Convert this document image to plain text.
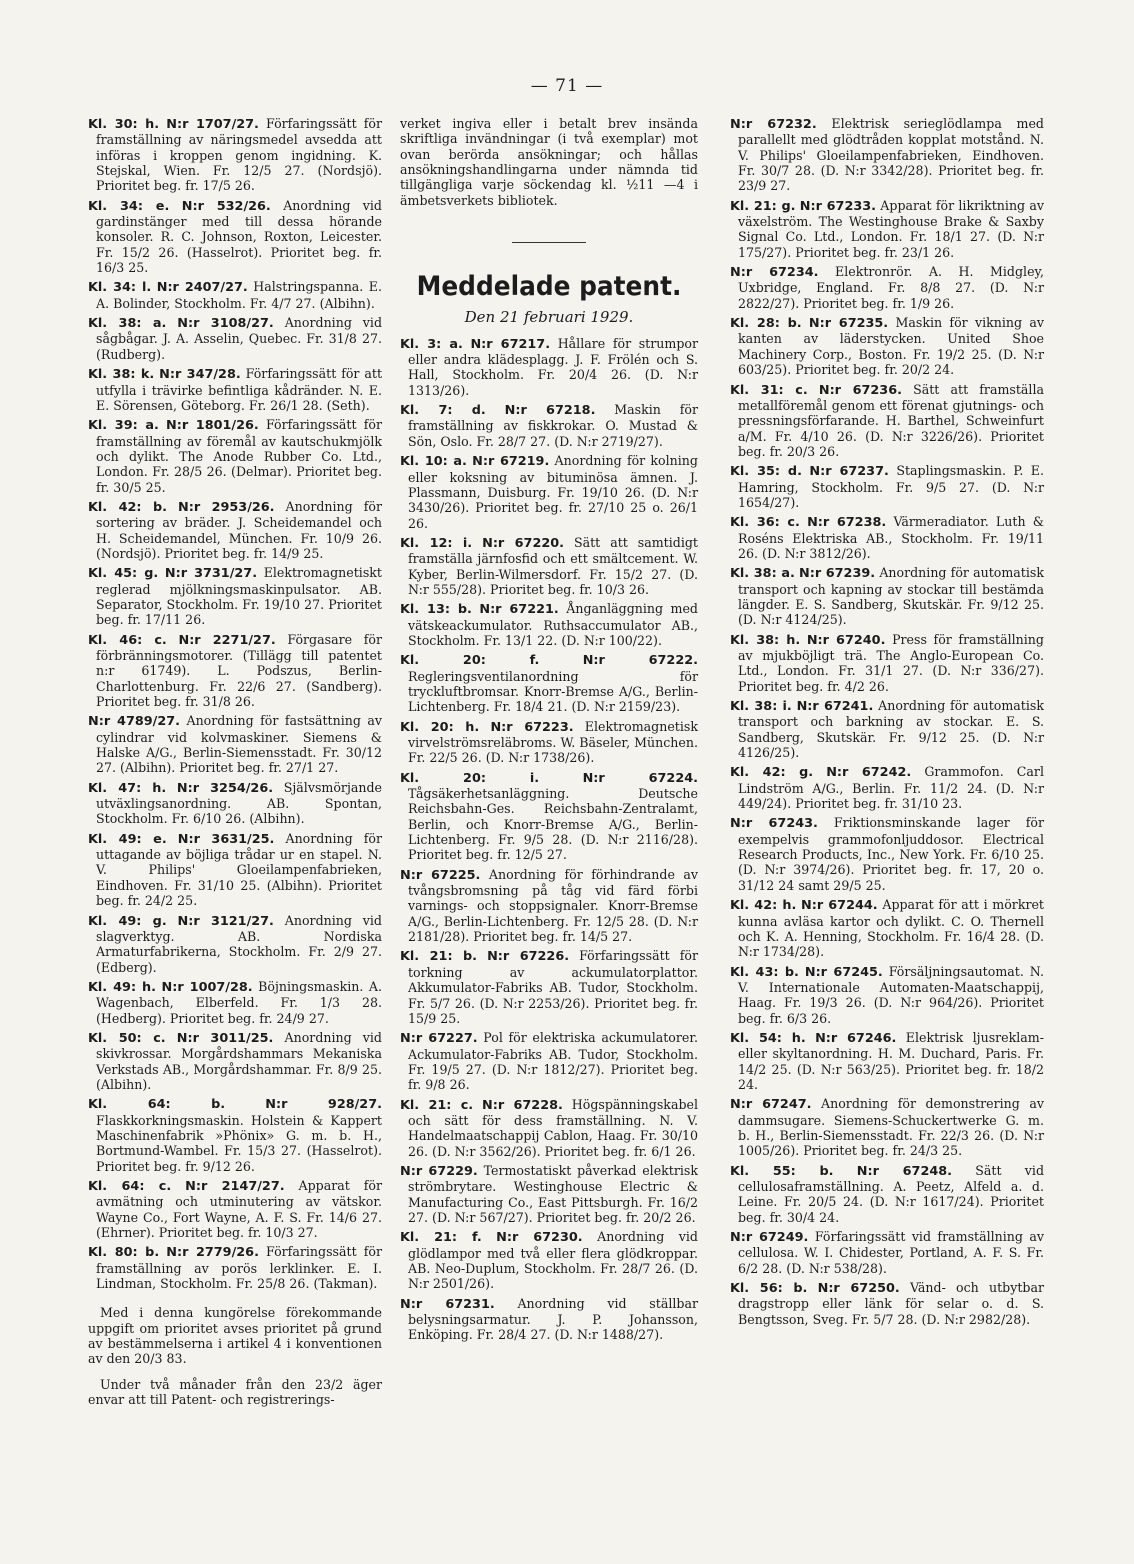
— 71 —

Kl. 30: h. N:r 1707/27. Förfaringssätt för framställning av näringsmedel avsedda att införas i kroppen genom ingidning. K. Stejskal, Wien. Fr. 12/5 27. (Nordsjö). Prioritet beg. fr. 17/5 26.

Kl. 34: e. N:r 532/26. Anordning vid gardinstänger med till dessa hörande konsoler. R. C. Johnson, Roxton, Leicester. Fr. 15/2 26. (Hasselrot). Prioritet beg. fr. 16/3 25.

Kl. 34: l. N:r 2407/27. Halstringspanna. E. A. Bolinder, Stockholm. Fr. 4/7 27. (Albihn).

Kl. 38: a. N:r 3108/27. Anordning vid sågbågar. J. A. Asselin, Quebec. Fr. 31/8 27. (Rudberg).

Kl. 38: k. N:r 347/28. Förfaringssätt för att utfylla i trävirke befintliga kådränder. N. E. E. Sörensen, Göteborg. Fr. 26/1 28. (Seth).

Kl. 39: a. N:r 1801/26. Förfaringssätt för framställning av föremål av kautschukmjölk och dylikt. The Anode Rubber Co. Ltd., London. Fr. 28/5 26. (Delmar). Prioritet beg. fr. 30/5 25.

Kl. 42: b. N:r 2953/26. Anordning för sortering av bräder. J. Scheidemandel och H. Scheidemandel, München. Fr. 10/9 26. (Nordsjö). Prioritet beg. fr. 14/9 25.

Kl. 45: g. N:r 3731/27. Elektromagnetiskt reglerad mjölkningsmaskinpulsator. AB. Separator, Stockholm. Fr. 19/10 27. Prioritet beg. fr. 17/11 26.

Kl. 46: c. N:r 2271/27. Förgasare för förbränningsmotorer. (Tillägg till patentet n:r 61749). L. Podszus, Berlin-Charlottenburg. Fr. 22/6 27. (Sandberg). Prioritet beg. fr. 31/8 26.

N:r 4789/27. Anordning för fastsättning av cylindrar vid kolvmaskiner. Siemens & Halske A/G., Berlin-Siemensstadt. Fr. 30/12 27. (Albihn). Prioritet beg. fr. 27/1 27.

Kl. 47: h. N:r 3254/26. Självsmörjande utväxlingsanordning. AB. Spontan, Stockholm. Fr. 6/10 26. (Albihn).

Kl. 49: e. N:r 3631/25. Anordning för uttagande av böjliga trådar ur en stapel. N. V. Philips' Gloeilampenfabrieken, Eindhoven. Fr. 31/10 25. (Albihn). Prioritet beg. fr. 24/2 25.

Kl. 49: g. N:r 3121/27. Anordning vid slagverktyg. AB. Nordiska Armaturfabrikerna, Stockholm. Fr. 2/9 27. (Edberg).

Kl. 49: h. N:r 1007/28. Böjningsmaskin. A. Wagenbach, Elberfeld. Fr. 1/3 28. (Hedberg). Prioritet beg. fr. 24/9 27.

Kl. 50: c. N:r 3011/25. Anordning vid skivkrossar. Morgårdshammars Mekaniska Verkstads AB., Morgårdshammar. Fr. 8/9 25. (Albihn).

Kl. 64: b.	N:r 928/27. Flaskkorkningsmaskin. Holstein & Kappert Maschinenfabrik »Phönix» G. m. b. H., Bortmund-Wambel. Fr. 15/3 27. (Hasselrot). Prioritet beg. fr. 9/12 26.

Kl. 64: c. N:r 2147/27. Apparat för avmätning och utminutering av vätskor. Wayne Co., Fort Wayne, A. F. S. Fr. 14/6 27. (Ehrner). Prioritet beg. fr. 10/3 27.

Kl. 80: b. N:r 2779/26. Förfaringssätt för framställning av porös lerklinker. E. I. Lindman, Stockholm. Fr. 25/8 26. (Takman).

Med i denna kungörelse förekommande uppgift om prioritet avses prioritet på grund av bestämmelserna i artikel 4 i konventionen av den 20/3 83.

Under två månader från den 23/2 äger envar att till Patent- och registrerings-

verket ingiva eller i betalt brev insända skriftliga invändningar (i två exemplar) mot ovan berörda ansökningar; och hållas ansökningshandlingarna under nämnda tid tillgängliga varje söckendag kl. ½11 —4 i ämbetsverkets bibliotek.

Meddelade patent.
Den 21 februari 1929.

Kl. 3: a. N:r 67217. Hållare för strumpor eller andra klädesplagg. J. F. Frölén och S. Hall, Stockholm. Fr. 20/4 26. (D. N:r 1313/26).

Kl. 7: d. N:r 67218. Maskin för framställning av fiskkrokar. O. Mustad & Sön, Oslo. Fr. 28/7 27. (D. N:r 2719/27).

Kl. 10: a. N:r 67219. Anordning för kolning eller koksning av bituminösa ämnen. J. Plassmann, Duisburg. Fr. 19/10 26. (D. N:r 3430/26). Prioritet beg. fr. 27/10 25 o. 26/1 26.

Kl. 12: i. N:r 67220. Sätt att samtidigt framställa järnfosfid och ett smältcement. W. Kyber, Berlin-Wilmersdorf. Fr. 15/2 27. (D. N:r 555/28). Prioritet beg. fr. 10/3 26.

Kl. 13: b. N:r 67221. Ånganläggning med vätskeackumulator. Ruthsaccumulator AB., Stockholm. Fr. 13/1 22. (D. N:r 100/22).

Kl. 20: f.	N:r 67222. Regleringsventilanordning för tryckluftbromsar. Knorr-Bremse A/G., Berlin-Lichtenberg. Fr. 18/4 21. (D. N:r 2159/23).

Kl. 20: h. N:r 67223. Elektromagnetisk virvelströmsreläbroms. W. Bäseler, München. Fr. 22/5 26. (D. N:r 1738/26).

Kl. 20: i.	N:r 67224. Tågsäkerhetsanläggning. Deutsche Reichsbahn-Ges. Reichsbahn-Zentralamt, Berlin, och Knorr-Bremse A/G., Berlin-Lichtenberg. Fr. 9/5 28. (D. N:r 2116/28). Prioritet beg. fr. 12/5 27.

N:r 67225. Anordning för förhindrande av tvångsbromsning på tåg vid färd förbi varnings- och stoppsignaler. Knorr-Bremse A/G., Berlin-Lichtenberg. Fr. 12/5 28. (D. N:r 2181/28). Prioritet beg. fr. 14/5 27.

Kl. 21: b. N:r 67226. Förfaringssätt för torkning av ackumulatorplattor. Akkumulator-Fabriks AB. Tudor, Stockholm. Fr. 5/7 26. (D. N:r 2253/26). Prioritet beg. fr. 15/9 25.

N:r 67227. Pol för elektriska ackumulatorer. Ackumulator-Fabriks AB. Tudor, Stockholm. Fr. 19/5 27. (D. N:r 1812/27). Prioritet beg. fr. 9/8 26.

Kl. 21: c. N:r 67228. Högspänningskabel och sätt för dess framställning. N. V. Handelmaatschappij Cablon, Haag. Fr. 30/10 26. (D. N:r 3562/26). Prioritet beg. fr. 6/1 26.

N:r 67229. Termostatiskt påverkad elektrisk strömbrytare. Westinghouse Electric & Manufacturing Co., East Pittsburgh. Fr. 16/2 27. (D. N:r 567/27). Prioritet beg. fr. 20/2 26.

Kl. 21: f. N:r 67230. Anordning vid glödlampor med två eller flera glödkroppar. AB. Neo-Duplum, Stockholm. Fr. 28/7 26. (D. N:r 2501/26).

N:r 67231. Anordning vid ställbar belysningsarmatur. J. P. Johansson, Enköping. Fr. 28/4 27. (D. N:r 1488/27).

N:r 67232. Elektrisk serieglödlampa med parallellt med glödtråden kopplat motstånd. N. V. Philips' Gloeilampenfabrieken, Eindhoven. Fr. 30/7 28. (D. N:r 3342/28). Prioritet beg. fr. 23/9 27.

Kl. 21: g. N:r 67233. Apparat för likriktning av växelström. The Westinghouse Brake & Saxby Signal Co. Ltd., London. Fr. 18/1 27. (D. N:r 175/27). Prioritet beg. fr. 23/1 26.

N:r 67234. Elektronrör. A. H. Midgley, Uxbridge, England. Fr. 8/8 27. (D. N:r 2822/27). Prioritet beg. fr. 1/9 26.

Kl. 28: b. N:r 67235. Maskin för vikning av kanten av läderstycken. United Shoe Machinery Corp., Boston. Fr. 19/2 25. (D. N:r 603/25). Prioritet beg. fr. 20/2 24.

Kl. 31: c. N:r 67236. Sätt att framställa metallföremål genom ett förenat gjutnings- och pressningsförfarande. H. Barthel, Schweinfurt a/M. Fr. 4/10 26. (D. N:r 3226/26). Prioritet beg. fr. 20/3 26.

Kl. 35: d. N:r 67237. Staplingsmaskin. P. E. Hamring, Stockholm. Fr. 9/5 27. (D. N:r 1654/27).

Kl. 36: c. N:r 67238. Värmeradiator. Luth & Roséns Elektriska AB., Stockholm. Fr. 19/11 26. (D. N:r 3812/26).

Kl. 38: a. N:r 67239. Anordning för automatisk transport och kapning av stockar till bestämda längder. E. S. Sandberg, Skutskär. Fr. 9/12 25. (D. N:r 4124/25).

Kl. 38: h. N:r 67240. Press för framställning av mjukböjligt trä. The Anglo-European Co. Ltd., London. Fr. 31/1 27. (D. N:r 336/27). Prioritet beg. fr. 4/2 26.

Kl. 38: i. N:r 67241. Anordning för automatisk transport och barkning av stockar. E. S. Sandberg, Skutskär. Fr. 9/12 25. (D. N:r 4126/25).

Kl. 42: g. N:r 67242. Grammofon. Carl Lindström A/G., Berlin. Fr. 11/2 24. (D. N:r 449/24). Prioritet beg. fr. 31/10 23.

N:r 67243. Friktionsminskande lager för exempelvis grammofonljuddosor. Electrical Research Products, Inc., New York. Fr. 6/10 25. (D. N:r 3974/26). Prioritet beg. fr. 17, 20 o. 31/12 24 samt 29/5 25.

Kl. 42: h. N:r 67244. Apparat för att i mörkret kunna avläsa kartor och dylikt. C. O. Thernell och K. A. Henning, Stockholm. Fr. 16/4 28. (D. N:r 1734/28).

Kl. 43: b. N:r 67245. Försäljningsautomat. N. V. Internationale Automaten-Maatschappij, Haag. Fr. 19/3 26. (D. N:r 964/26). Prioritet beg. fr. 6/3 26.

Kl. 54: h. N:r 67246. Elektrisk ljusreklam- eller skyltanordning. H. M. Duchard, Paris. Fr. 14/2 25. (D. N:r 563/25). Prioritet beg. fr. 18/2 24.

N:r 67247. Anordning för demonstrering av dammsugare. Siemens-Schuckertwerke G. m. b. H., Berlin-Siemensstadt. Fr. 22/3 26. (D. N:r 1005/26). Prioritet beg. fr. 24/3 25.

Kl. 55: b. N:r 67248. Sätt vid cellulosaframställning. A. Peetz, Alfeld a. d. Leine. Fr. 20/5 24. (D. N:r 1617/24). Prioritet beg. fr. 30/4 24.

N:r 67249. Förfaringssätt vid framställning av cellulosa. W. I. Chidester, Portland, A. F. S. Fr. 6/2 28. (D. N:r 538/28).

Kl. 56: b. N:r 67250. Vänd- och utbytbar dragstropp eller länk för selar o. d. S. Bengtsson, Sveg. Fr. 5/7 28. (D. N:r 2982/28).
